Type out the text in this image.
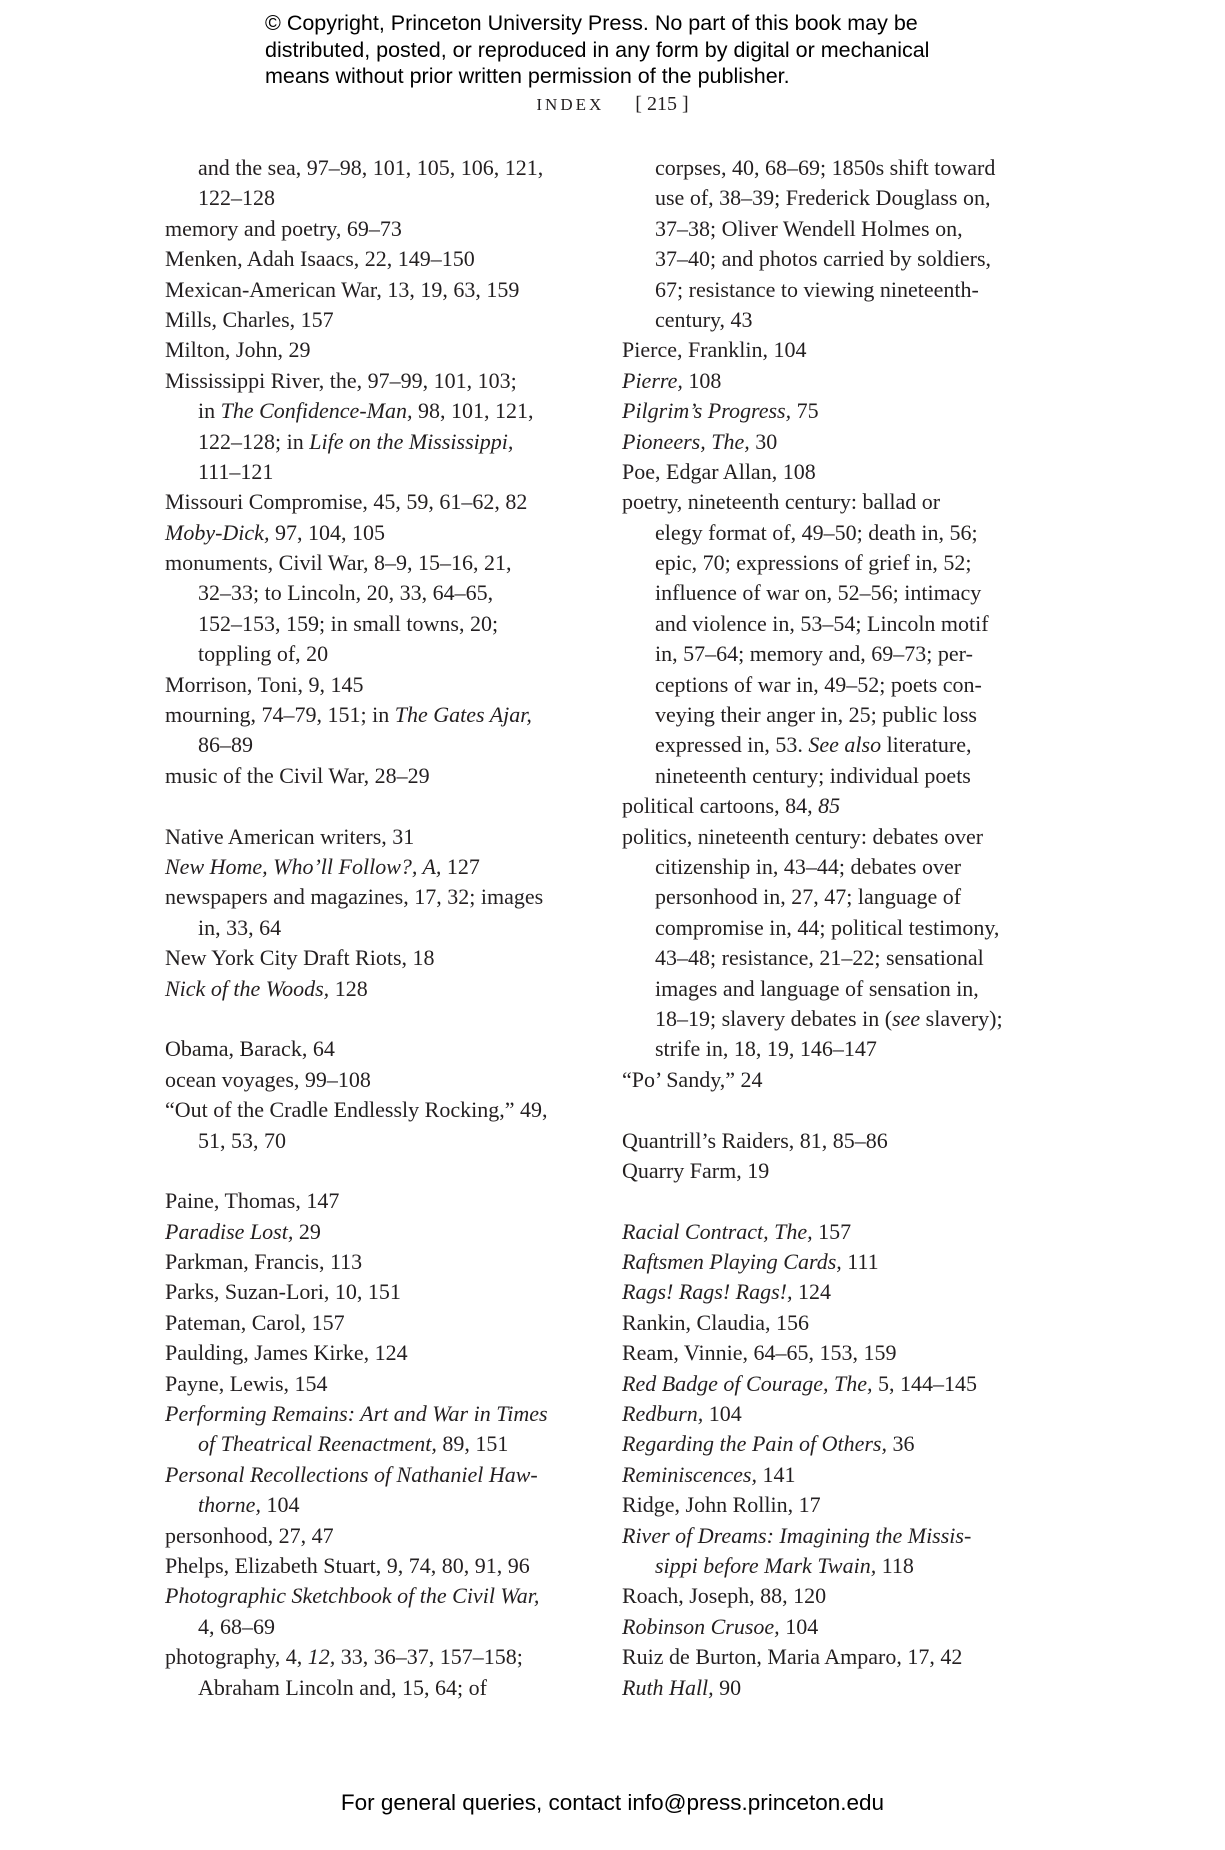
© Copyright, Princeton University Press. No part of this book may be
distributed, posted, or reproduced in any form by digital or mechanical
means without prior written permission of the publisher.
INDEX [ 215 ]
and the sea, 97–98, 101, 105, 106, 121,
122–128
memory and poetry, 69–73
Menken, Adah Isaacs, 22, 149–150
Mexican-American War, 13, 19, 63, 159
Mills, Charles, 157
Milton, John, 29
Mississippi River, the, 97–99, 101, 103;
in The Confidence-Man, 98, 101, 121,
122–128; in Life on the Mississippi,
111–121
Missouri Compromise, 45, 59, 61–62, 82
Moby-Dick, 97, 104, 105
monuments, Civil War, 8–9, 15–16, 21,
32–33; to Lincoln, 20, 33, 64–65,
152–153, 159; in small towns, 20;
toppling of, 20
Morrison, Toni, 9, 145
mourning, 74–79, 151; in The Gates Ajar,
86–89
music of the Civil War, 28–29
Native American writers, 31
New Home, Who’ll Follow?, A, 127
newspapers and magazines, 17, 32; images
in, 33, 64
New York City Draft Riots, 18
Nick of the Woods, 128
Obama, Barack, 64
ocean voyages, 99–108
“Out of the Cradle Endlessly Rocking,” 49,
51, 53, 70
Paine, Thomas, 147
Paradise Lost, 29
Parkman, Francis, 113
Parks, Suzan-Lori, 10, 151
Pateman, Carol, 157
Paulding, James Kirke, 124
Payne, Lewis, 154
Performing Remains: Art and War in Times
of Theatrical Reenactment, 89, 151
Personal Recollections of Nathaniel Haw-
thorne, 104
personhood, 27, 47
Phelps, Elizabeth Stuart, 9, 74, 80, 91, 96
Photographic Sketchbook of the Civil War,
4, 68–69
photography, 4, 12, 33, 36–37, 157–158;
Abraham Lincoln and, 15, 64; of
corpses, 40, 68–69; 1850s shift toward
use of, 38–39; Frederick Douglass on,
37–38; Oliver Wendell Holmes on,
37–40; and photos carried by soldiers,
67; resistance to viewing nineteenth-
century, 43
Pierce, Franklin, 104
Pierre, 108
Pilgrim’s Progress, 75
Pioneers, The, 30
Poe, Edgar Allan, 108
poetry, nineteenth century: ballad or
elegy format of, 49–50; death in, 56;
epic, 70; expressions of grief in, 52;
influence of war on, 52–56; intimacy
and violence in, 53–54; Lincoln motif
in, 57–64; memory and, 69–73; per-
ceptions of war in, 49–52; poets con-
veying their anger in, 25; public loss
expressed in, 53. See also literature,
nineteenth century; individual poets
political cartoons, 84, 85
politics, nineteenth century: debates over
citizenship in, 43–44; debates over
personhood in, 27, 47; language of
compromise in, 44; political testimony,
43–48; resistance, 21–22; sensational
images and language of sensation in,
18–19; slavery debates in (see slavery);
strife in, 18, 19, 146–147
“Po’ Sandy,” 24
Quantrill’s Raiders, 81, 85–86
Quarry Farm, 19
Racial Contract, The, 157
Raftsmen Playing Cards, 111
Rags! Rags! Rags!, 124
Rankin, Claudia, 156
Ream, Vinnie, 64–65, 153, 159
Red Badge of Courage, The, 5, 144–145
Redburn, 104
Regarding the Pain of Others, 36
Reminiscences, 141
Ridge, John Rollin, 17
River of Dreams: Imagining the Missis-
sippi before Mark Twain, 118
Roach, Joseph, 88, 120
Robinson Crusoe, 104
Ruiz de Burton, Maria Amparo, 17, 42
Ruth Hall, 90
For general queries, contact info@press.princeton.edu
